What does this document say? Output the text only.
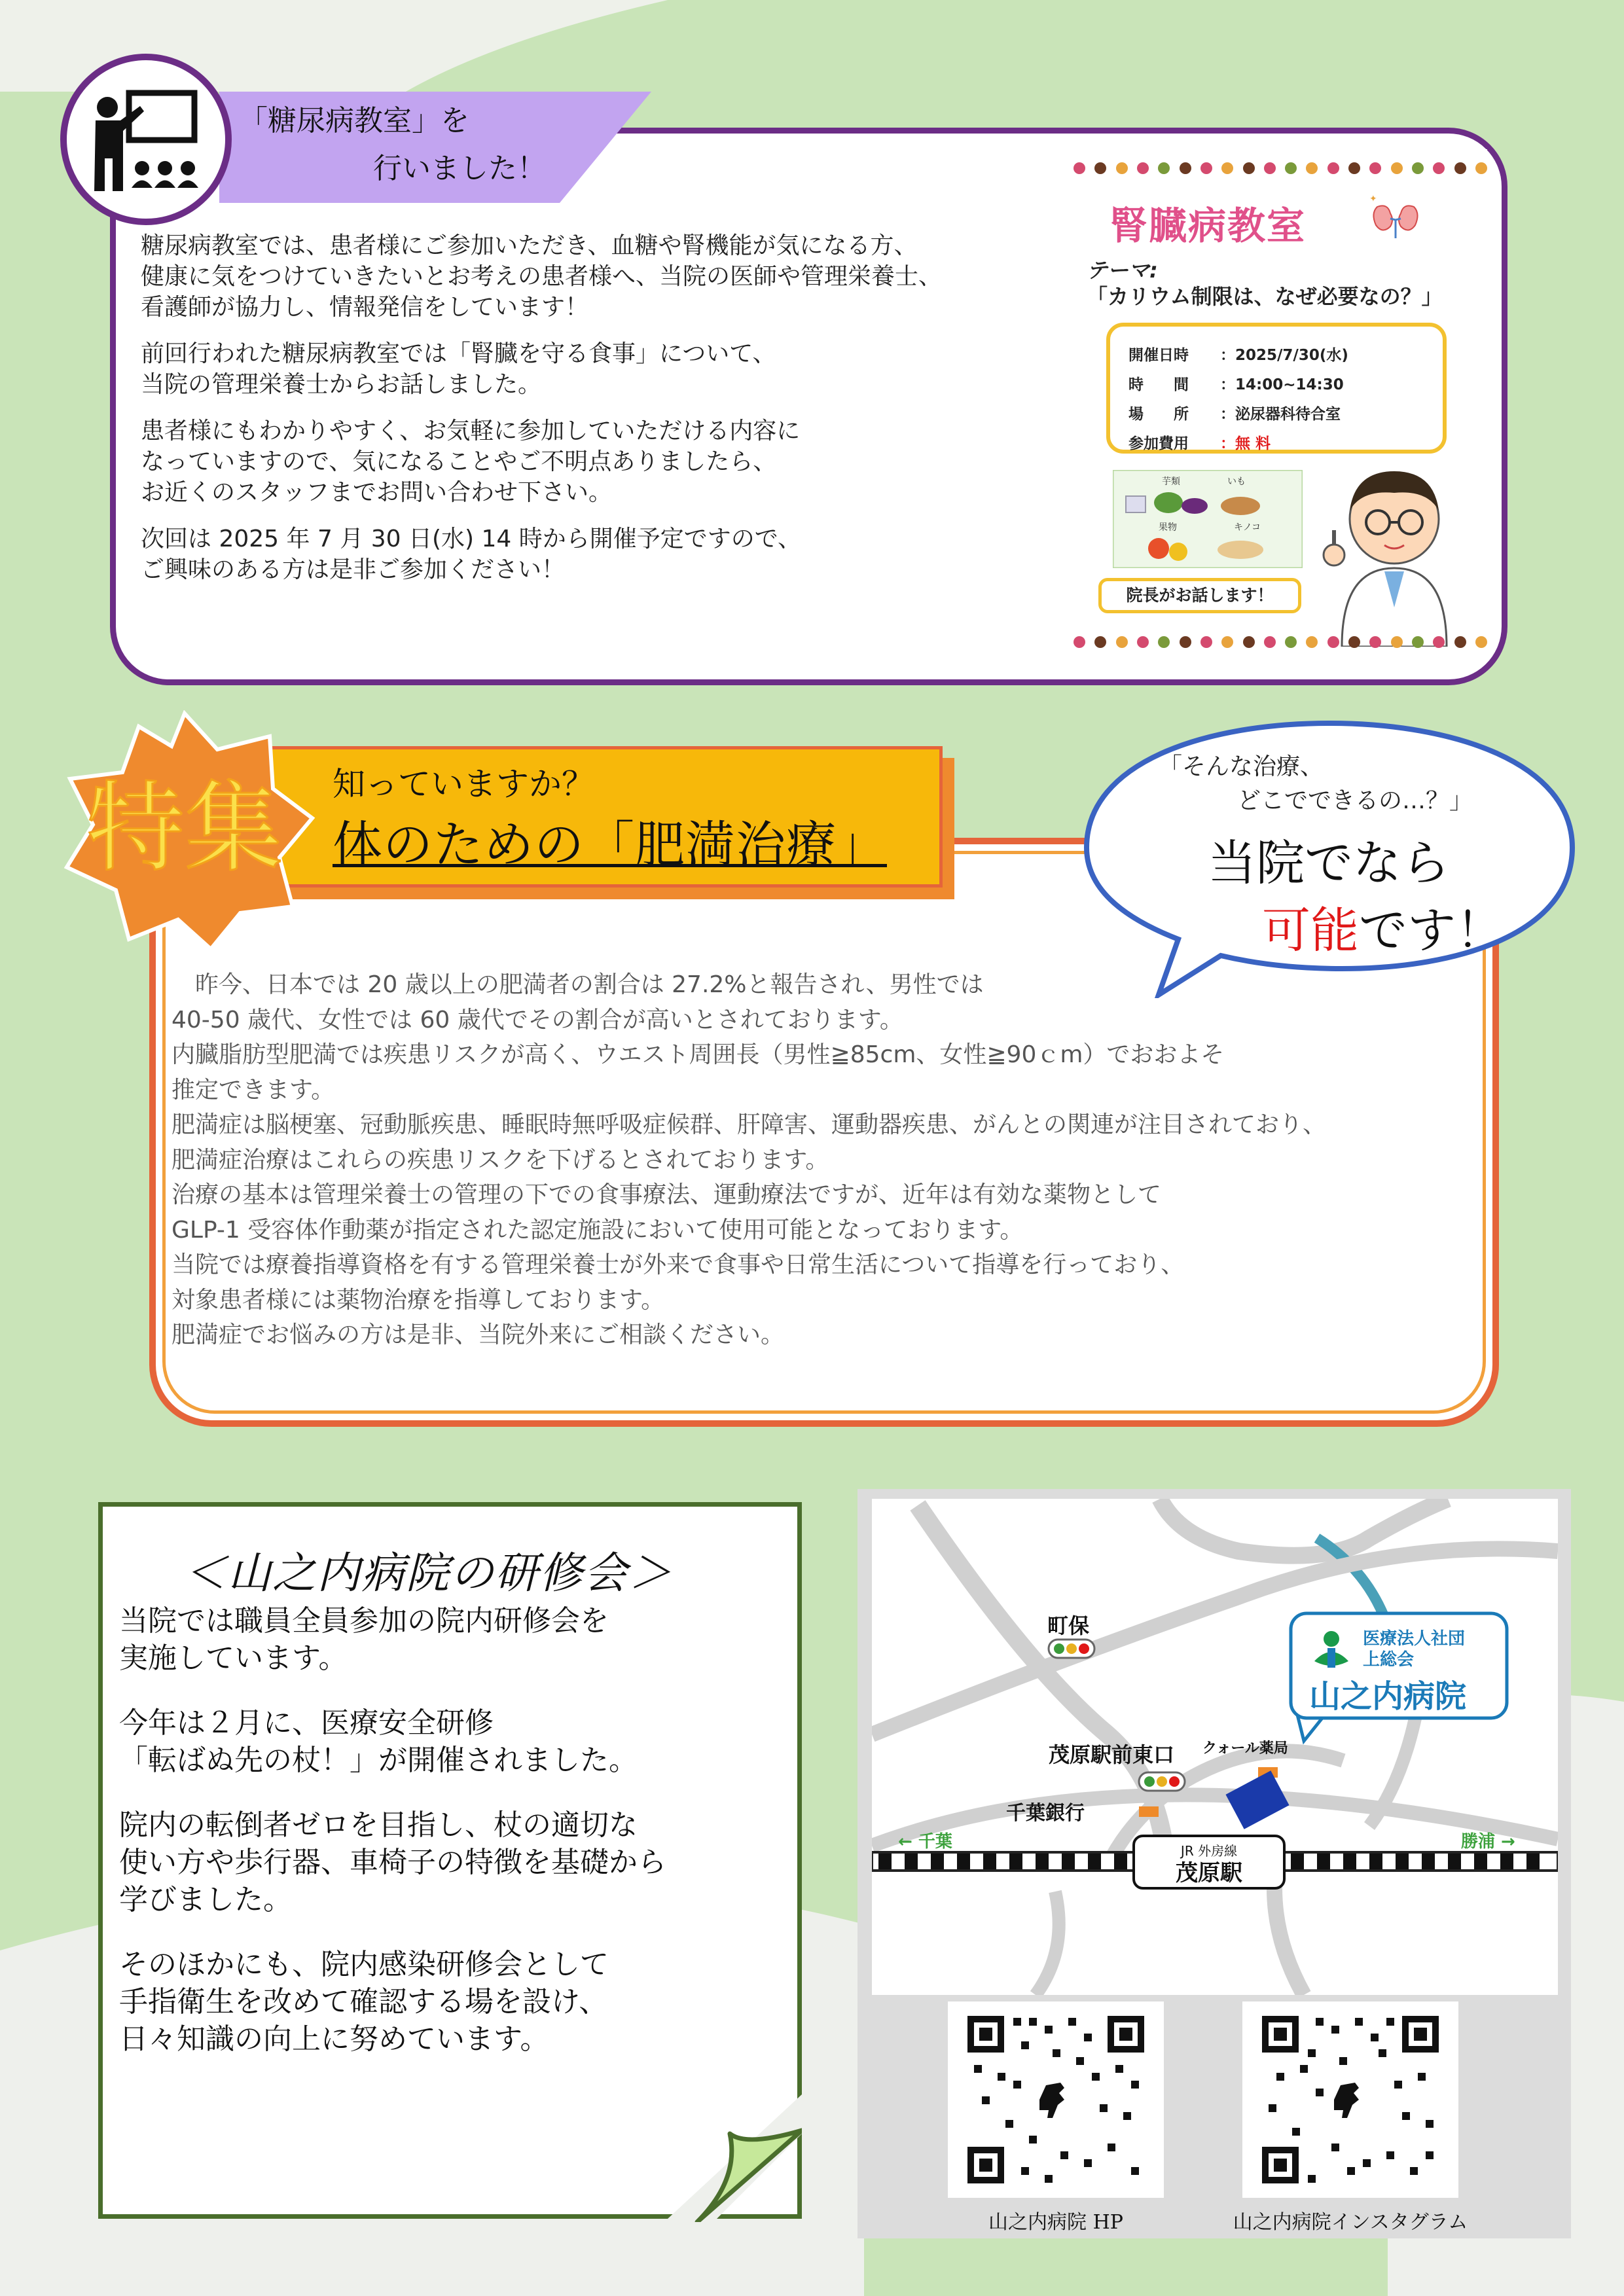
「糖尿病教室」を
行いました！

糖尿病教室では、患者様にご参加いただき、血糖や腎機能が気になる方、
健康に気をつけていきたいとお考えの患者様へ、当院の医師や管理栄養士、
看護師が協力し、情報発信をしています！

前回行われた糖尿病教室では「腎臓を守る食事」について、
当院の管理栄養士からお話しました。

患者様にもわかりやすく、お気軽に参加していただける内容に
なっていますので、気になることやご不明点ありましたら、
お近くのスタッフまでお問い合わせ下さい。

次回は 2025 年 7 月 30 日(水) 14 時から開催予定ですので、
ご興味のある方は是非ご参加ください！

腎臓病教室
✦
テーマ:
「カリウム制限は、なぜ必要なの？」
開催日時	：2025/7/30(水)
時　　間	：14:00~14:30
場　　所	：泌尿器科待合室
参加費用	：無 料
芋類	いも
果物	キノコ
院長がお話します！
特集 知っていますか？
体のための「肥満治療」
　昨今、日本では 20 歳以上の肥満者の割合は 27.2%と報告され、男性では
40-50 歳代、女性では 60 歳代でその割合が高いとされております。
内臓脂肪型肥満では疾患リスクが高く、ウエスト周囲長（男性≧85cm、女性≧90ｃm）でおおよそ
推定できます。
肥満症は脳梗塞、冠動脈疾患、睡眠時無呼吸症候群、肝障害、運動器疾患、がんとの関連が注目されており、
肥満症治療はこれらの疾患リスクを下げるとされております。
治療の基本は管理栄養士の管理の下での食事療法、運動療法ですが、近年は有効な薬物として
GLP-1 受容体作動薬が指定された認定施設において使用可能となっております。
当院では療養指導資格を有する管理栄養士が外来で食事や日常生活について指導を行っており、
対象患者様には薬物治療を指導しております。
肥満症でお悩みの方は是非、当院外来にご相談ください。
「そんな治療、
どこでできるの…？」
当院でなら
可能です！
＜山之内病院の研修会＞

当院では職員全員参加の院内研修会を
実施しています。

今年は２月に、医療安全研修
「転ばぬ先の杖！」が開催されました。

院内の転倒者ゼロを目指し、杖の適切な
使い方や歩行器、車椅子の特徴を基礎から
学びました。

そのほかにも、院内感染研修会として
手指衛生を改めて確認する場を設け、
日々知識の向上に努めています。

JR 外房線
茂原駅
町保
茂原駅前東口
千葉銀行
クォール薬局
医療法人社団
上総会
山之内病院
← 千葉	勝浦 →
山之内病院 HP	山之内病院インスタグラム
